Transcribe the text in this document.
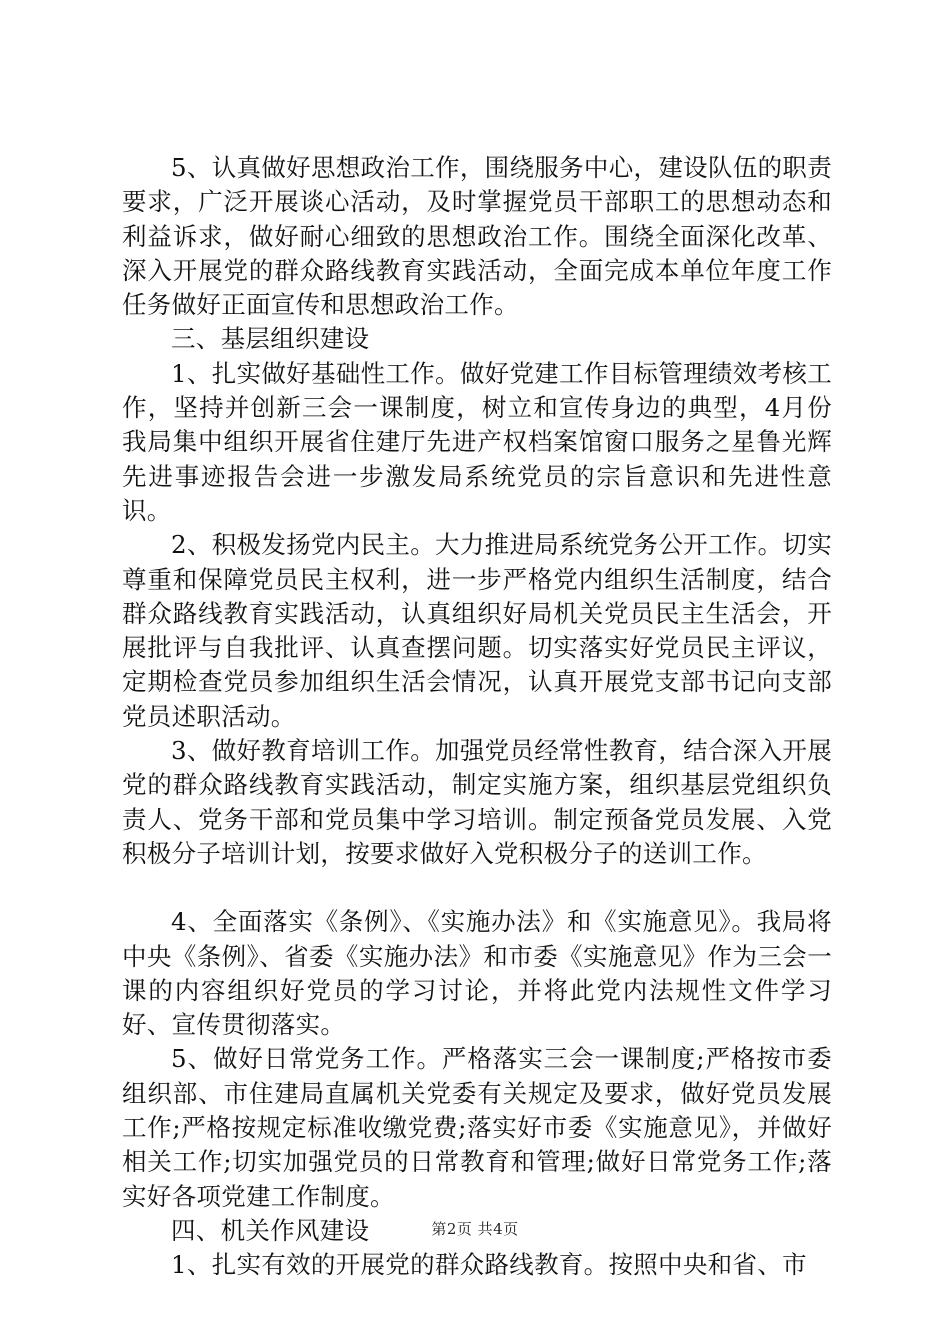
5、认真做好思想政治工作，围绕服务中心，建设队伍的职责要求，广泛开展谈心活动，及时掌握党员干部职工的思想动态和利益诉求，做好耐心细致的思想政治工作。围绕全面深化改革、深入开展党的群众路线教育实践活动，全面完成本单位年度工作任务做好正面宣传和思想政治工作。

三、基层组织建设

1、扎实做好基础性工作。做好党建工作目标管理绩效考核工作，坚持并创新三会一课制度，树立和宣传身边的典型，4月份我局集中组织开展省住建厅先进产权档案馆窗口服务之星鲁光辉先进事迹报告会进一步激发局系统党员的宗旨意识和先进性意识。

2、积极发扬党内民主。大力推进局系统党务公开工作。切实尊重和保障党员民主权利，进一步严格党内组织生活制度，结合群众路线教育实践活动，认真组织好局机关党员民主生活会，开展批评与自我批评、认真查摆问题。切实落实好党员民主评议，定期检查党员参加组织生活会情况，认真开展党支部书记向支部党员述职活动。

3、做好教育培训工作。加强党员经常性教育，结合深入开展党的群众路线教育实践活动，制定实施方案，组织基层党组织负责人、党务干部和党员集中学习培训。制定预备党员发展、入党积极分子培训计划，按要求做好入党积极分子的送训工作。

4、全面落实《条例》、《实施办法》和《实施意见》。我局将中央《条例》、省委《实施办法》和市委《实施意见》作为三会一课的内容组织好党员的学习讨论，并将此党内法规性文件学习好、宣传贯彻落实。

5、做好日常党务工作。严格落实三会一课制度;严格按市委组织部、市住建局直属机关党委有关规定及要求，做好党员发展工作;严格按规定标准收缴党费;落实好市委《实施意见》，并做好相关工作;切实加强党员的日常教育和管理;做好日常党务工作;落实好各项党建工作制度。

四、机关作风建设

1、扎实有效的开展党的群众路线教育。按照中央和省、市

第2页 共4页
